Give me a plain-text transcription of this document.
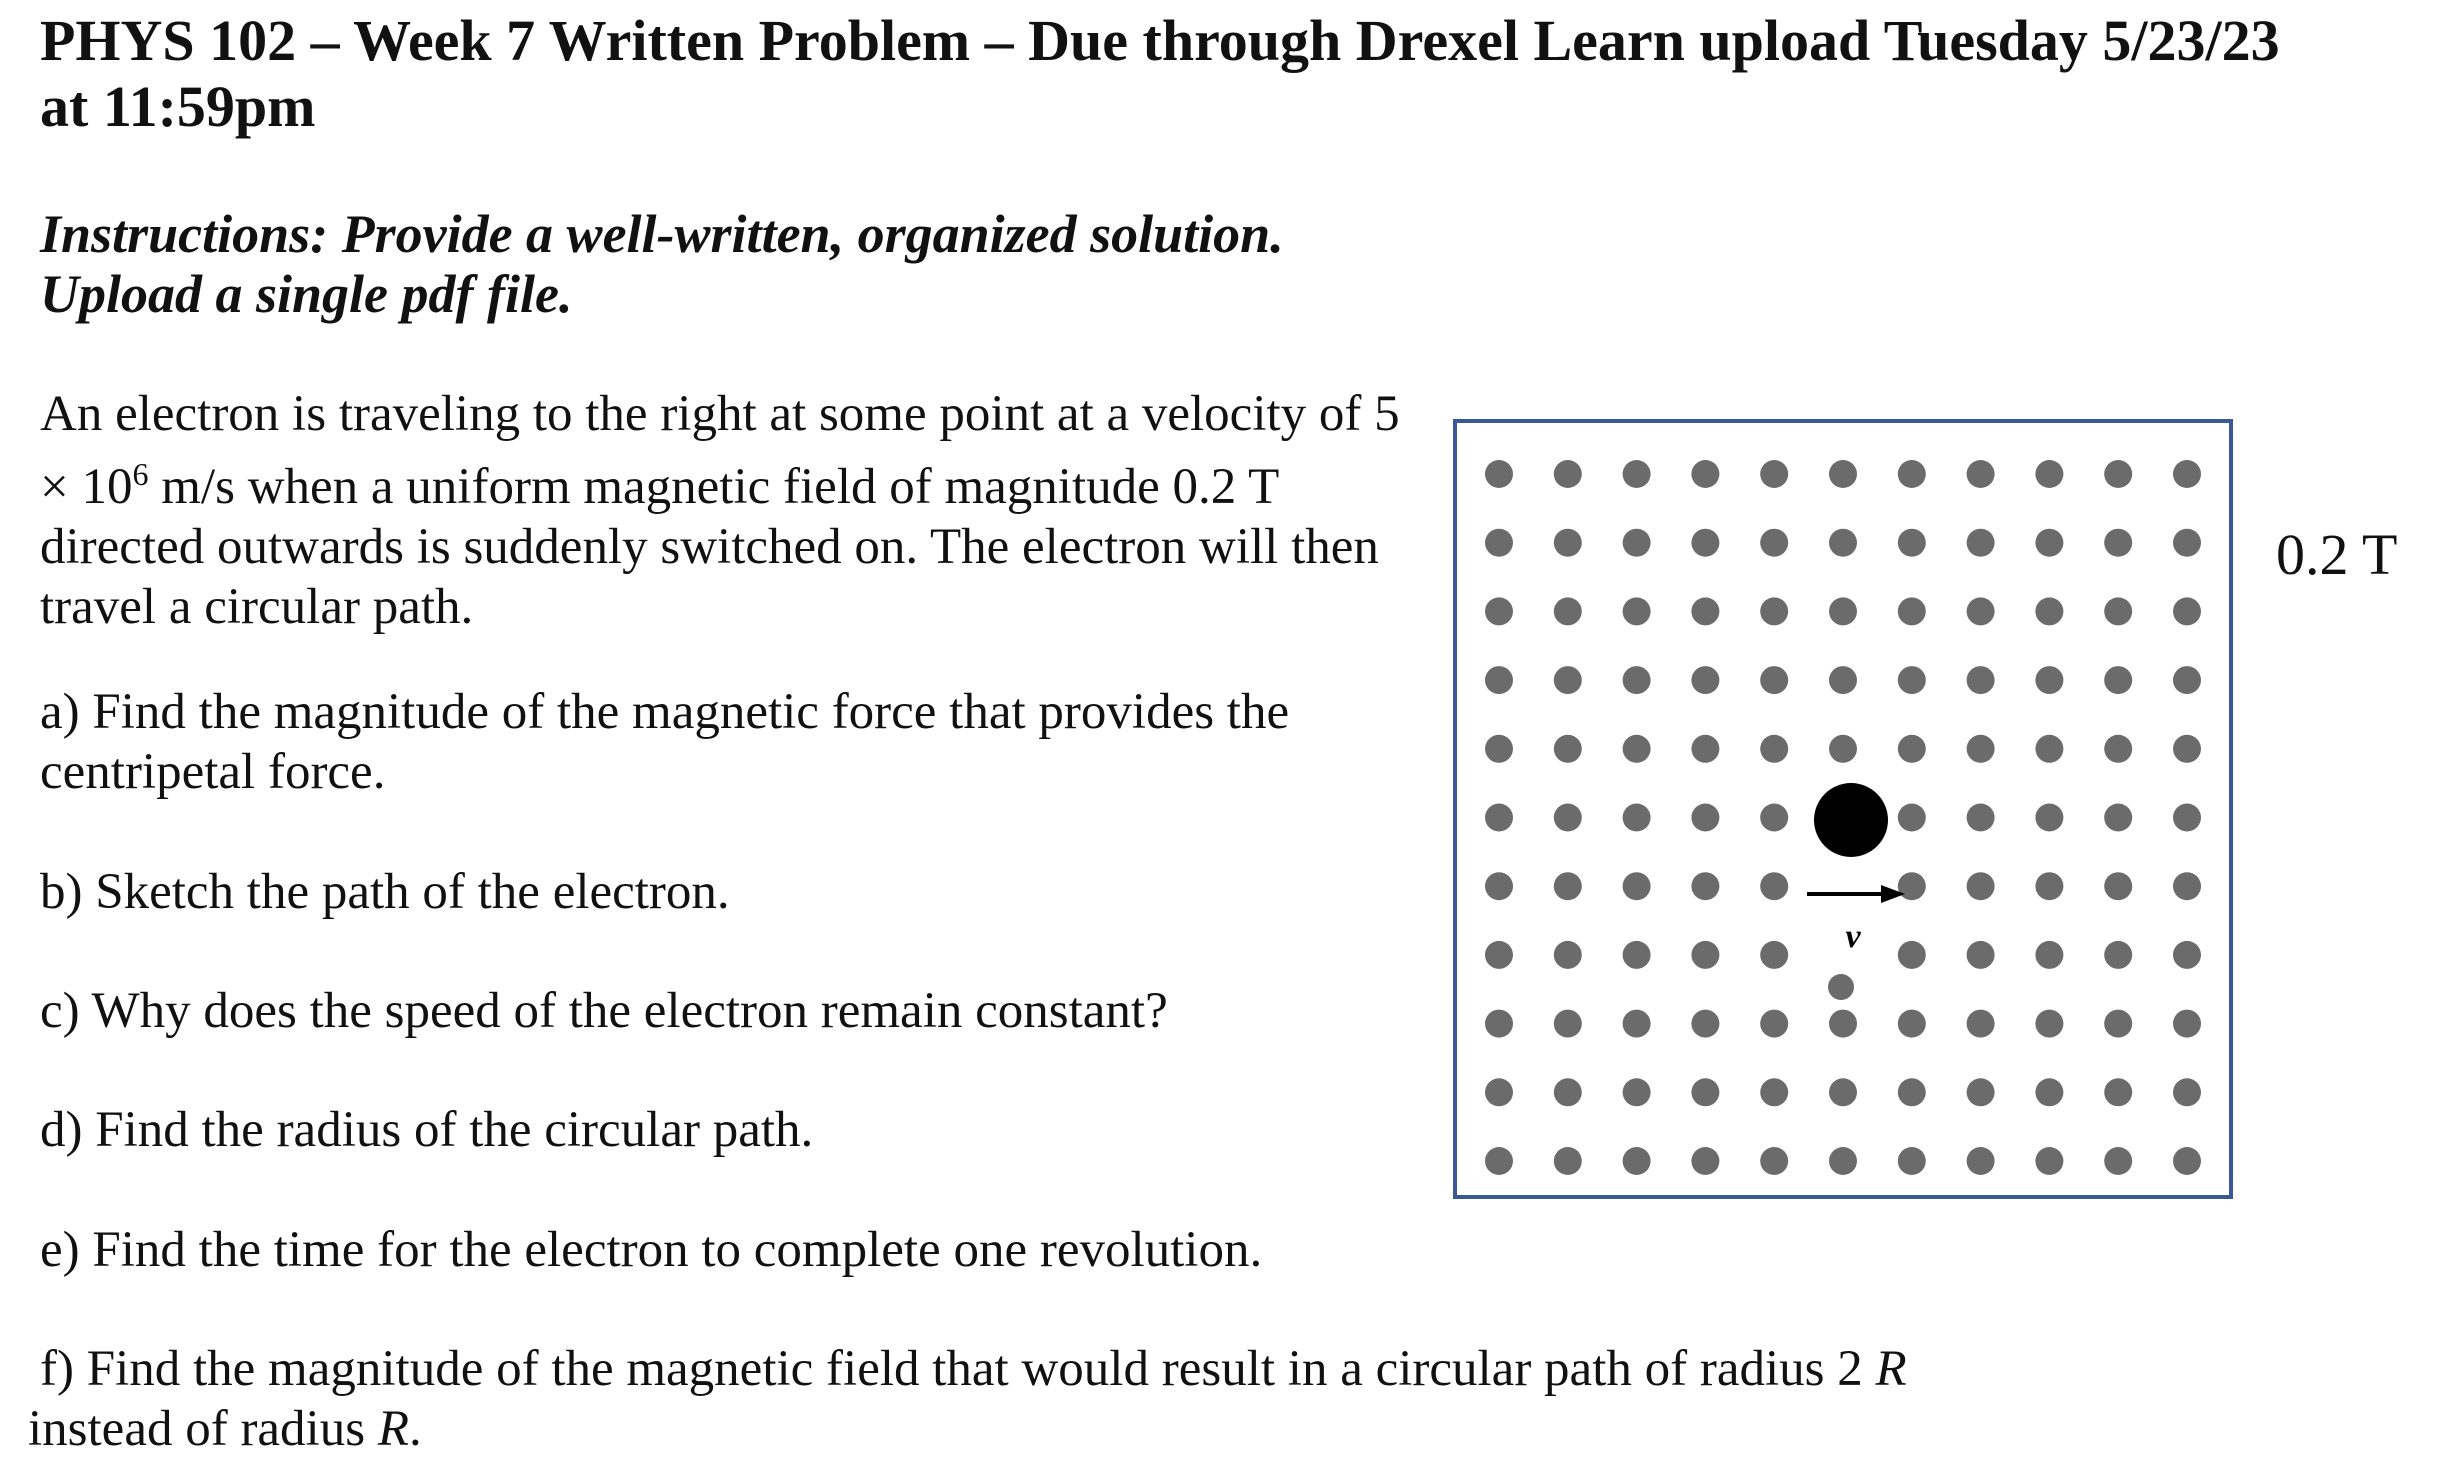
PHYS 102 – Week 7 Written Problem – Due through Drexel Learn upload Tuesday 5/23/23 at 11:59pm

Instructions: Provide a well-written, organized solution. Upload a single pdf file.

An electron is traveling to the right at some point at a velocity of $5 \times 10^6$ m/s when a uniform magnetic field of magnitude 0.2 T directed outwards is suddenly switched on. The electron will then travel a circular path.

a) Find the magnitude of the magnetic force that provides the centripetal force.

b) Sketch the path of the electron.

c) Why does the speed of the electron remain constant?

d) Find the radius of the circular path.

e) Find the time for the electron to complete one revolution.

f) Find the magnitude of the magnetic field that would result in a circular path of radius 2 R
instead of radius R.

0.2 T

v
